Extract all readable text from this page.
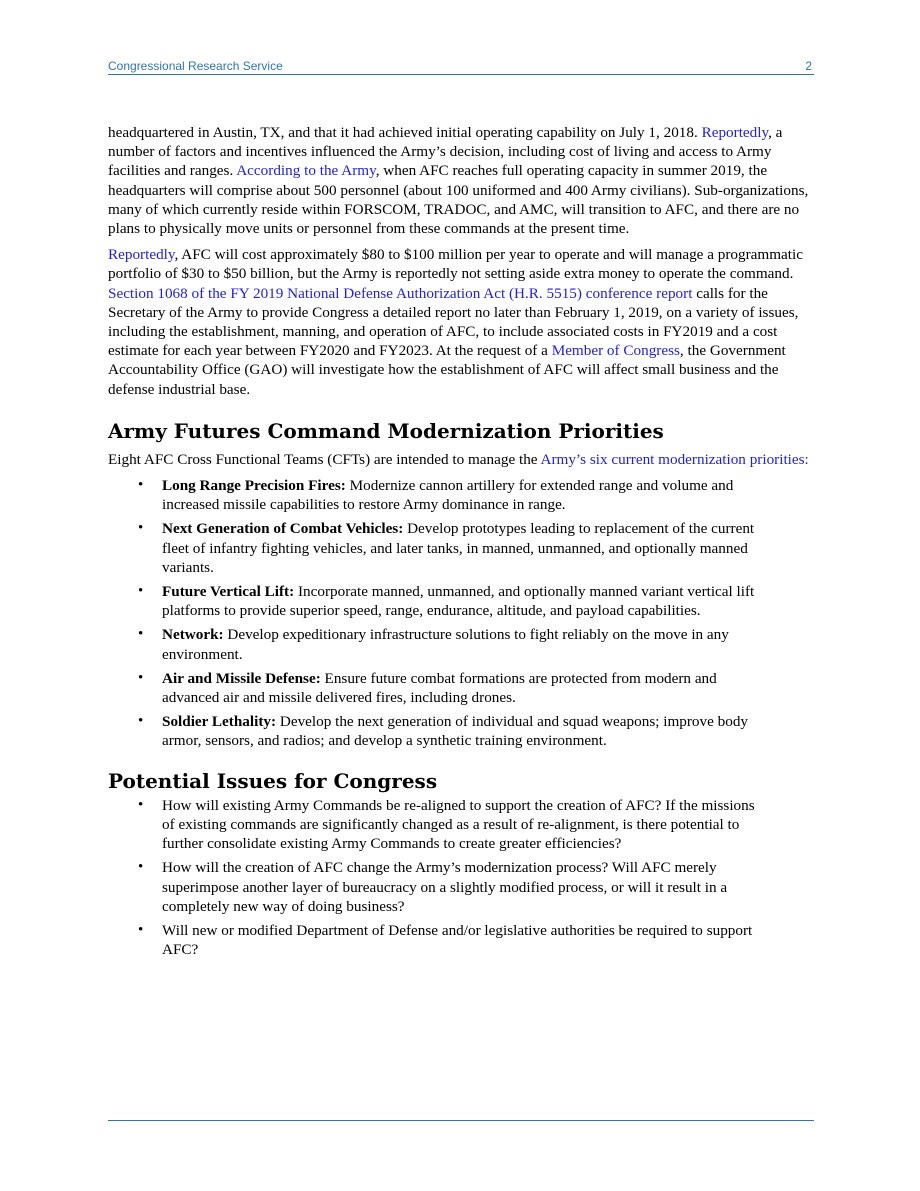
Congressional Research Service	2

headquartered in Austin, TX, and that it had achieved initial operating capability on July 1, 2018. Reportedly, a number of factors and incentives influenced the Army’s decision, including cost of living and access to Army facilities and ranges. According to the Army, when AFC reaches full operating capacity in summer 2019, the headquarters will comprise about 500 personnel (about 100 uniformed and 400 Army civilians). Sub-organizations, many of which currently reside within FORSCOM, TRADOC, and AMC, will transition to AFC, and there are no plans to physically move units or personnel from these commands at the present time.

Reportedly, AFC will cost approximately $80 to $100 million per year to operate and will manage a programmatic portfolio of $30 to $50 billion, but the Army is reportedly not setting aside extra money to operate the command. Section 1068 of the FY 2019 National Defense Authorization Act (H.R. 5515) conference report calls for the Secretary of the Army to provide Congress a detailed report no later than February 1, 2019, on a variety of issues, including the establishment, manning, and operation of AFC, to include associated costs in FY2019 and a cost estimate for each year between FY2020 and FY2023. At the request of a Member of Congress, the Government Accountability Office (GAO) will investigate how the establishment of AFC will affect small business and the defense industrial base.

Army Futures Command Modernization Priorities

Eight AFC Cross Functional Teams (CFTs) are intended to manage the Army’s six current modernization priorities:

• Long Range Precision Fires: Modernize cannon artillery for extended range and volume and increased missile capabilities to restore Army dominance in range.
• Next Generation of Combat Vehicles: Develop prototypes leading to replacement of the current fleet of infantry fighting vehicles, and later tanks, in manned, unmanned, and optionally manned variants.
• Future Vertical Lift: Incorporate manned, unmanned, and optionally manned variant vertical lift platforms to provide superior speed, range, endurance, altitude, and payload capabilities.
• Network: Develop expeditionary infrastructure solutions to fight reliably on the move in any environment.
• Air and Missile Defense: Ensure future combat formations are protected from modern and advanced air and missile delivered fires, including drones.
• Soldier Lethality: Develop the next generation of individual and squad weapons; improve body armor, sensors, and radios; and develop a synthetic training environment.
Potential Issues for Congress
• How will existing Army Commands be re-aligned to support the creation of AFC? If the missions of existing commands are significantly changed as a result of re-alignment, is there potential to further consolidate existing Army Commands to create greater efficiencies?
• How will the creation of AFC change the Army’s modernization process? Will AFC merely superimpose another layer of bureaucracy on a slightly modified process, or will it result in a completely new way of doing business?
• Will new or modified Department of Defense and/or legislative authorities be required to support AFC?
